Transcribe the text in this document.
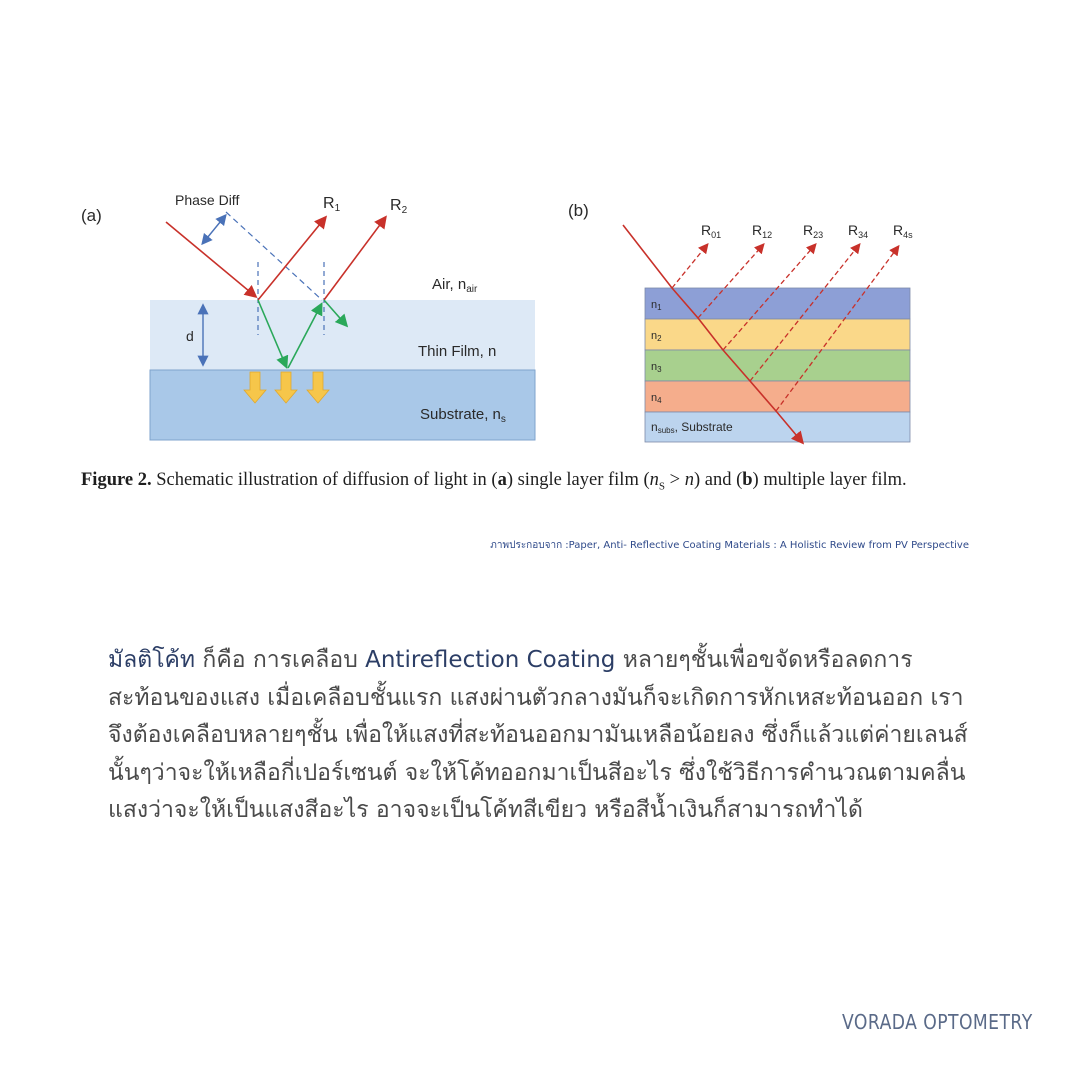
(a)
Phase Diff	R1	R2
Air, $n_{air}$
d
Thin Film, n
Substrate, $n_s$
(b)
n1
n2
n3
n4
nsubs, Substrate
$R_{01}$ $R_{12}$ $R_{23}$ $R_{34}$ $R_{4s}$
Figure 2. Schematic illustration of diffusion of light in (a) single layer film $(n_S > n)$ and (b) multiple layer film.
ภาพประกอบจาก :Paper, Anti- Reflective Coating Materials : A Holistic Review from PV Perspective
มัลติโค้ท ก็คือ การเคลือบ Antireflection Coating หลายๆชั้นเพื่อขจัดหรือลดการสะท้อนของแสง เมื่อเคลือบชั้นแรก แสงผ่านตัวกลางมันก็จะเกิดการหักเหสะท้อนออก เราจึงต้องเคลือบหลายๆชั้น เพื่อให้แสงที่สะท้อนออกมามันเหลือน้อยลง ซึ่งก็แล้วแต่ค่ายเลนส์นั้นๆว่าจะให้เหลือกี่เปอร์เซนต์ จะให้โค้ทออกมาเป็นสีอะไร ซึ่งใช้วิธีการคำนวณตามคลื่นแสงว่าจะให้เป็นแสงสีอะไร อาจจะเป็นโค้ทสีเขียว หรือสีน้ำเงินก็สามารถทำได้
VORADA OPTOMETRY
